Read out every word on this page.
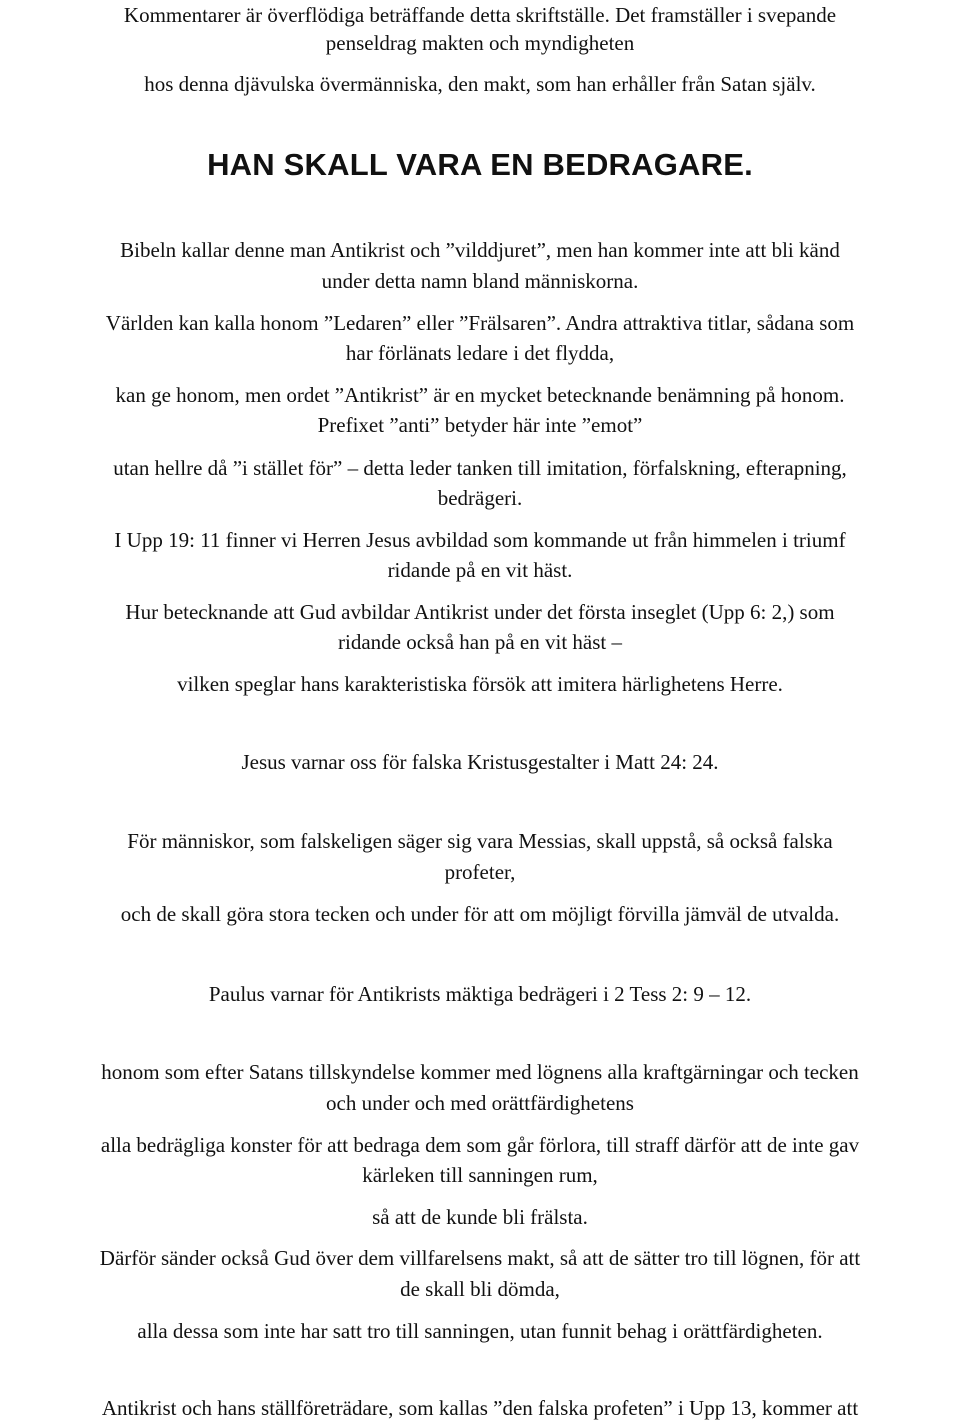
Kommentarer är överflödiga beträffande detta skriftställe. Det framställer i svepande

penseldrag makten och myndigheten

hos denna djävulska övermänniska, den makt, som han erhåller från Satan själv.

HAN SKALL VARA EN BEDRAGARE.

Bibeln kallar denne man Antikrist och ”vilddjuret”, men han kommer inte att bli känd

under detta namn bland människorna.

Världen kan kalla honom ”Ledaren” eller ”Frälsaren”. Andra attraktiva titlar, sådana som

har förlänats ledare i det flydda,

kan ge honom, men ordet ”Antikrist” är en mycket betecknande benämning på honom.

Prefixet ”anti” betyder här inte ”emot”

utan hellre då ”i stället för” – detta leder tanken till imitation, förfalskning, efterapning,

bedrägeri.

I Upp 19: 11 finner vi Herren Jesus avbildad som kommande ut från himmelen i triumf

ridande på en vit häst.

Hur betecknande att Gud avbildar Antikrist under det första inseglet (Upp 6: 2,) som

ridande också han på en vit häst –

vilken speglar hans karakteristiska försök att imitera härlighetens Herre.

Jesus varnar oss för falska Kristusgestalter i Matt 24: 24.

För människor, som falskeligen säger sig vara Messias, skall uppstå, så också falska

profeter,

och de skall göra stora tecken och under för att om möjligt förvilla jämväl de utvalda.

Paulus varnar för Antikrists mäktiga bedrägeri i 2 Tess 2: 9 – 12.

honom som efter Satans tillskyndelse kommer med lögnens alla kraftgärningar och tecken

och under och med orättfärdighetens

alla bedrägliga konster för att bedraga dem som går förlora, till straff därför att de inte gav

kärleken till sanningen rum,

så att de kunde bli frälsta.

Därför sänder också Gud över dem villfarelsens makt, så att de sätter tro till lögnen, för att

de skall bli dömda,

alla dessa som inte har satt tro till sanningen, utan funnit behag i orättfärdigheten.

Antikrist och hans ställföreträdare, som kallas ”den falska profeten” i Upp 13, kommer att
